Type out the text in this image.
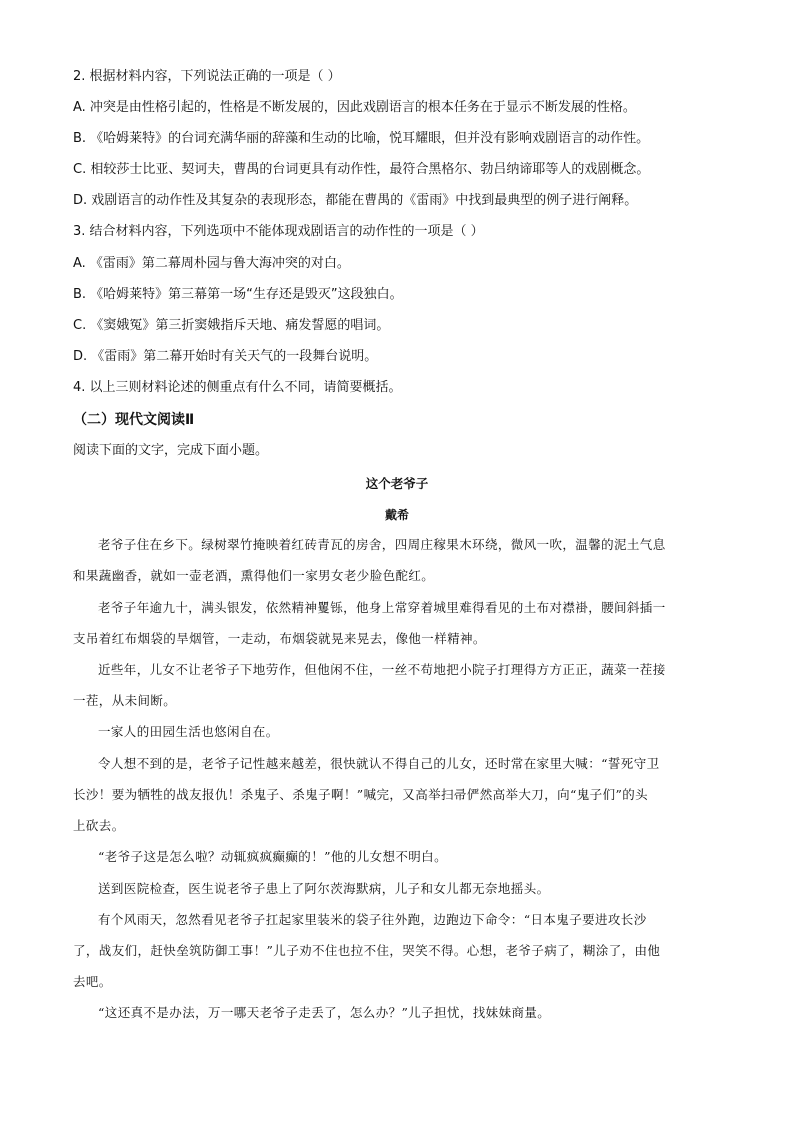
2. 根据材料内容，下列说法正确的一项是（ ）
A. 冲突是由性格引起的，性格是不断发展的，因此戏剧语言的根本任务在于显示不断发展的性格。
B. 《哈姆莱特》的台词充满华丽的辞藻和生动的比喻，悦耳耀眼，但并没有影响戏剧语言的动作性。
C. 相较莎士比亚、契诃夫，曹禺的台词更具有动作性，最符合黑格尔、勃吕纳谛耶等人的戏剧概念。
D. 戏剧语言的动作性及其复杂的表现形态，都能在曹禺的《雷雨》中找到最典型的例子进行阐释。
3. 结合材料内容，下列选项中不能体现戏剧语言的动作性的一项是（ ）
A. 《雷雨》第二幕周朴园与鲁大海冲突的对白。
B. 《哈姆莱特》第三幕第一场“生存还是毁灭”这段独白。
C. 《窦娥冤》第三折窦娥指斥天地、痛发誓愿的唱词。
D. 《雷雨》第二幕开始时有关天气的一段舞台说明。
4. 以上三则材料论述的侧重点有什么不同，请简要概括。
（二）现代文阅读Ⅱ
阅读下面的文字，完成下面小题。
这个老爷子
戴希
老爷子住在乡下。绿树翠竹掩映着红砖青瓦的房舍，四周庄稼果木环绕，微风一吹，温馨的泥土气息
和果蔬幽香，就如一壶老酒，熏得他们一家男女老少脸色酡红。
老爷子年逾九十，满头银发，依然精神矍铄，他身上常穿着城里难得看见的土布对襟褂，腰间斜插一
支吊着红布烟袋的旱烟管，一走动，布烟袋就晃来晃去，像他一样精神。
近些年，儿女不让老爷子下地劳作，但他闲不住，一丝不苟地把小院子打理得方方正正，蔬菜一茬接
一茬，从未间断。
一家人的田园生活也悠闲自在。
令人想不到的是，老爷子记性越来越差，很快就认不得自己的儿女，还时常在家里大喊：“誓死守卫
长沙！要为牺牲的战友报仇！杀鬼子、杀鬼子啊！”喊完，又高举扫帚俨然高举大刀，向“鬼子们”的头
上砍去。
“老爷子这是怎么啦？动辄疯疯癫癫的！”他的儿女想不明白。
送到医院检查，医生说老爷子患上了阿尔茨海默病，儿子和女儿都无奈地摇头。
有个风雨天，忽然看见老爷子扛起家里装米的袋子往外跑，边跑边下命令：“日本鬼子要进攻长沙
了，战友们，赶快垒筑防御工事！”儿子劝不住也拉不住，哭笑不得。心想，老爷子病了，糊涂了，由他
去吧。
“这还真不是办法，万一哪天老爷子走丢了，怎么办？”儿子担忧，找妹妹商量。
